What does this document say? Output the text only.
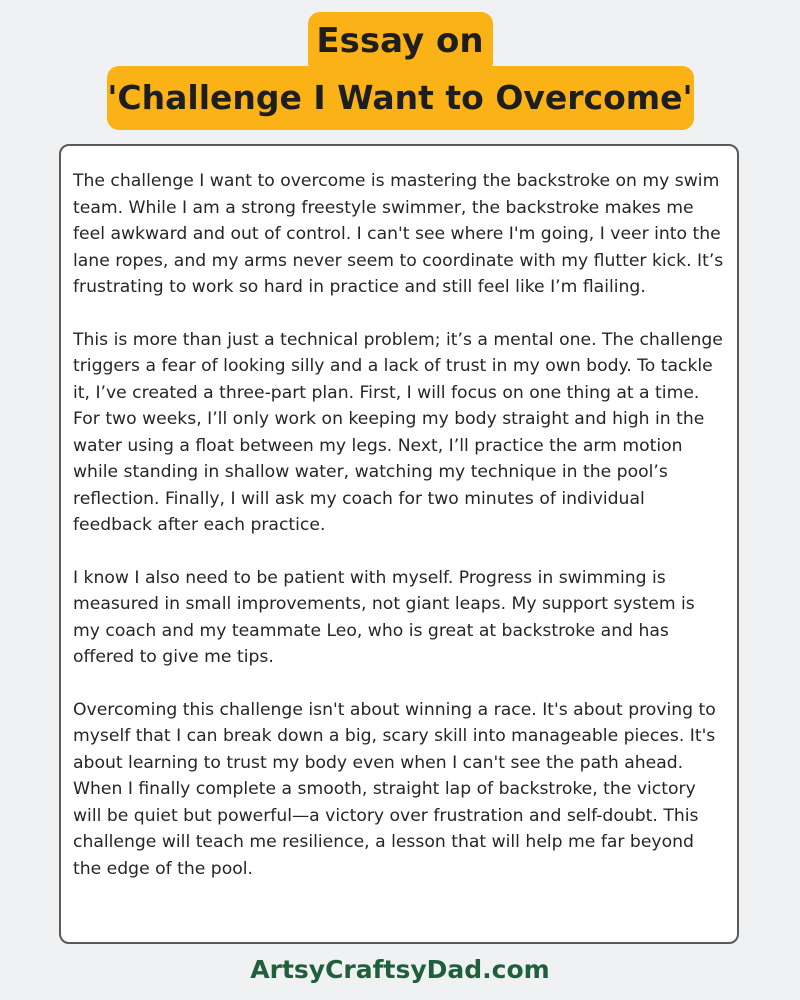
Essay on
'Challenge I Want to Overcome'

The challenge I want to overcome is mastering the backstroke on my swim team. While I am a strong freestyle swimmer, the backstroke makes me feel awkward and out of control. I can't see where I'm going, I veer into the lane ropes, and my arms never seem to coordinate with my flutter kick. It’s frustrating to work so hard in practice and still feel like I’m flailing.

This is more than just a technical problem; it’s a mental one. The challenge triggers a fear of looking silly and a lack of trust in my own body. To tackle it, I’ve created a three-part plan. First, I will focus on one thing at a time. For two weeks, I’ll only work on keeping my body straight and high in the water using a float between my legs. Next, I’ll practice the arm motion while standing in shallow water, watching my technique in the pool’s reflection. Finally, I will ask my coach for two minutes of individual feedback after each practice.

I know I also need to be patient with myself. Progress in swimming is measured in small improvements, not giant leaps. My support system is my coach and my teammate Leo, who is great at backstroke and has offered to give me tips.

Overcoming this challenge isn't about winning a race. It's about proving to myself that I can break down a big, scary skill into manageable pieces. It's about learning to trust my body even when I can't see the path ahead. When I finally complete a smooth, straight lap of backstroke, the victory will be quiet but powerful—a victory over frustration and self-doubt. This challenge will teach me resilience, a lesson that will help me far beyond the edge of the pool.

ArtsyCraftsyDad.com
